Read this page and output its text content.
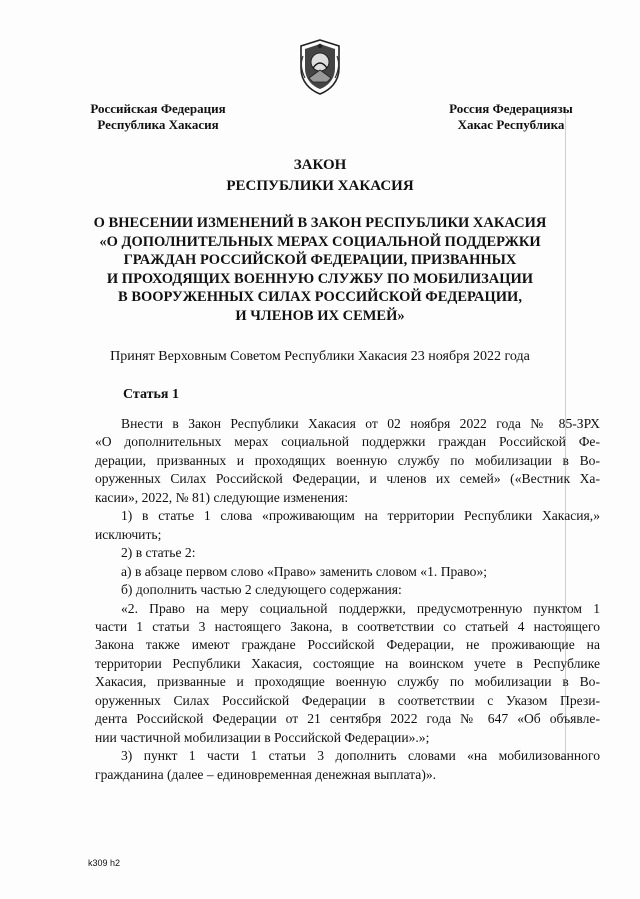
Российская Федерация
Республика Хакасия
Россия Федерациязы
Хакас Республика
ЗАКОН
РЕСПУБЛИКИ ХАКАСИЯ
О ВНЕСЕНИИ ИЗМЕНЕНИЙ В ЗАКОН РЕСПУБЛИКИ ХАКАСИЯ
«О ДОПОЛНИТЕЛЬНЫХ МЕРАХ СОЦИАЛЬНОЙ ПОДДЕРЖКИ
ГРАЖДАН РОССИЙСКОЙ ФЕДЕРАЦИИ, ПРИЗВАННЫХ
И ПРОХОДЯЩИХ ВОЕННУЮ СЛУЖБУ ПО МОБИЛИЗАЦИИ
В ВООРУЖЕННЫХ СИЛАХ РОССИЙСКОЙ ФЕДЕРАЦИИ,
И ЧЛЕНОВ ИХ СЕМЕЙ»
Принят Верховным Советом Республики Хакасия 23 ноября 2022 года
Статья 1
Внести в Закон Республики Хакасия от 02 ноября 2022 года № 85-ЗРХ
«О дополнительных мерах социальной поддержки граждан Российской Фе-
дерации, призванных и проходящих военную службу по мобилизации в Во-
оруженных Силах Российской Федерации, и членов их семей» («Вестник Ха-
касии», 2022, № 81) следующие изменения:
1) в статье 1 слова «проживающим на территории Республики Хакасия,»
исключить;
2) в статье 2:
а) в абзаце первом слово «Право» заменить словом «1. Право»;
б) дополнить частью 2 следующего содержания:
«2. Право на меру социальной поддержки, предусмотренную пунктом 1
части 1 статьи 3 настоящего Закона, в соответствии со статьей 4 настоящего
Закона также имеют граждане Российской Федерации, не проживающие на
территории Республики Хакасия, состоящие на воинском учете в Республике
Хакасия, призванные и проходящие военную службу по мобилизации в Во-
оруженных Силах Российской Федерации в соответствии с Указом Прези-
дента Российской Федерации от 21 сентября 2022 года № 647 «Об объявле-
нии частичной мобилизации в Российской Федерации».»;
3) пункт 1 части 1 статьи 3 дополнить словами «на мобилизованного
гражданина (далее – единовременная денежная выплата)».
k309 h2
